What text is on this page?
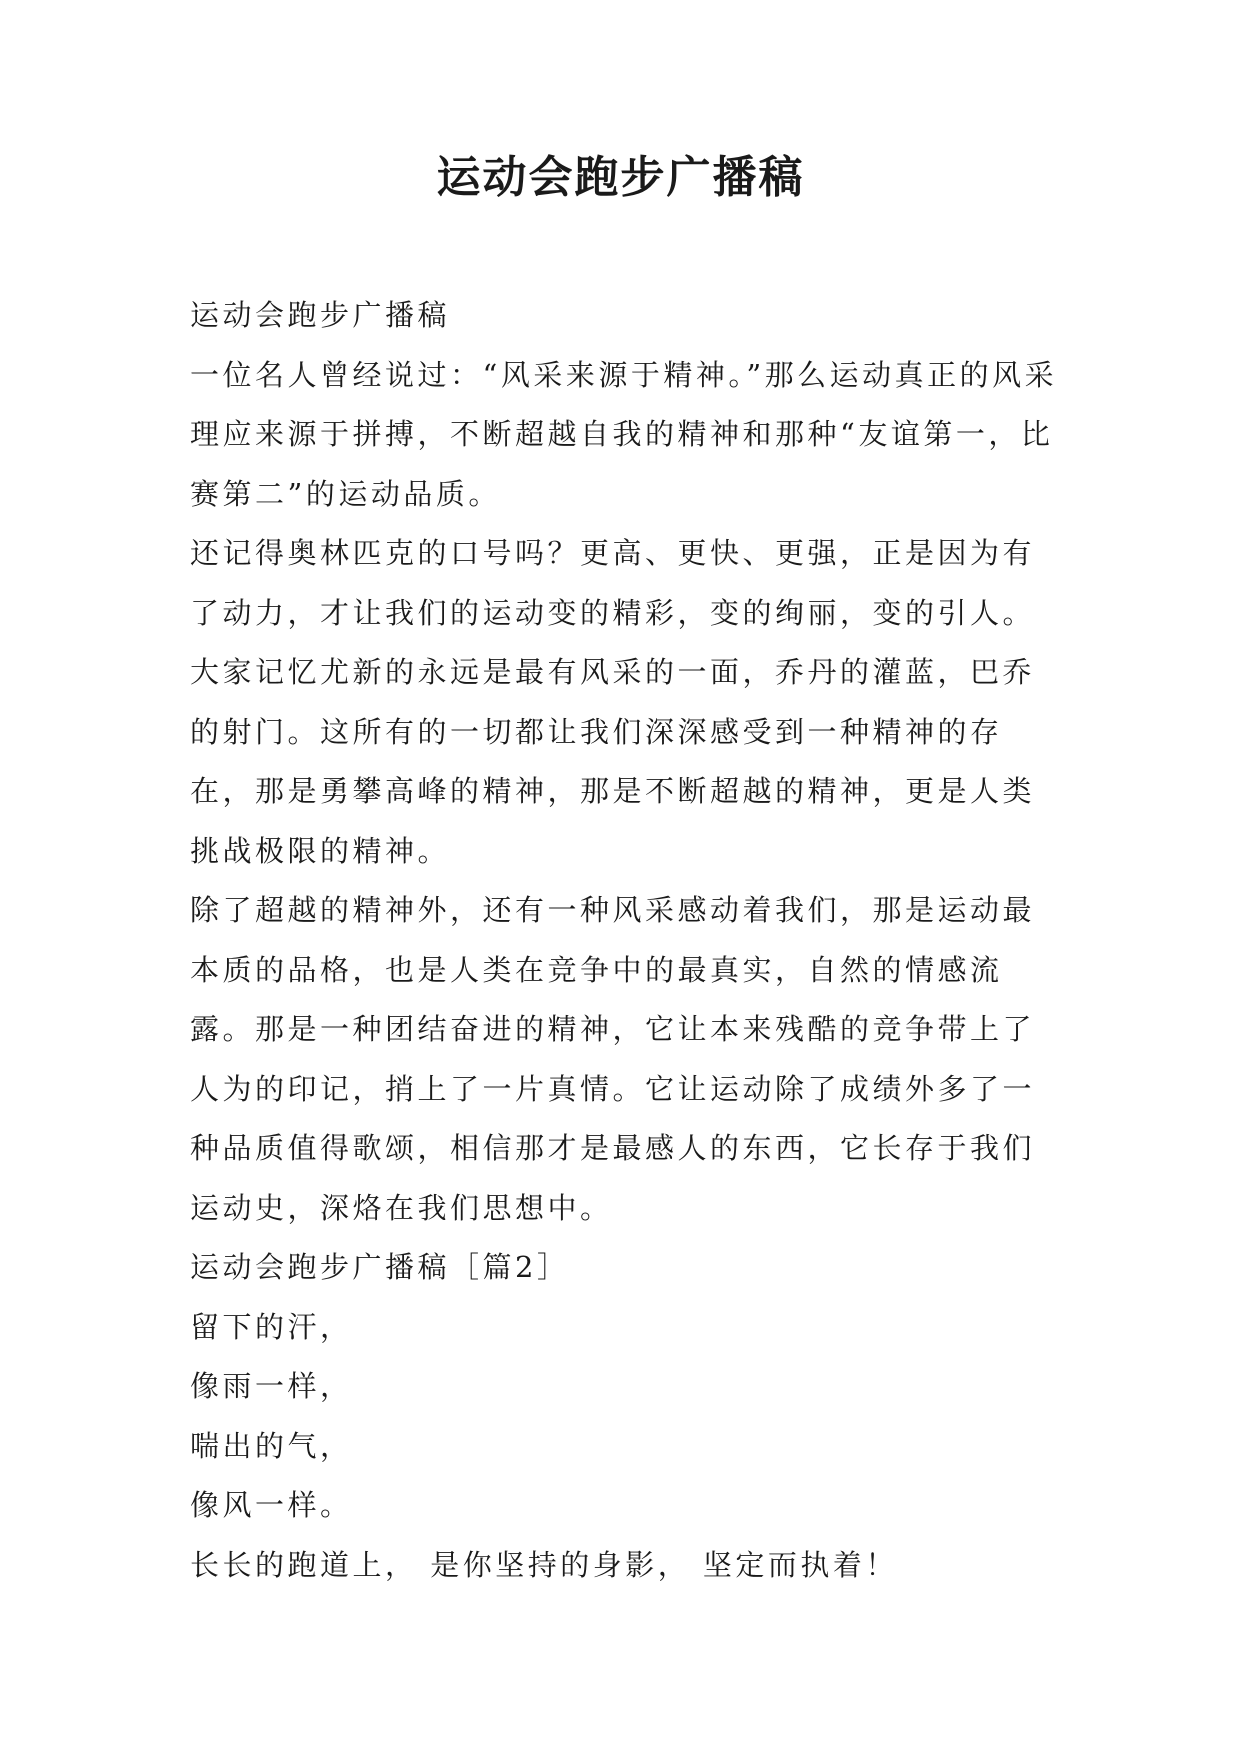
运动会跑步广播稿

运动会跑步广播稿

一位名人曾经说过：“风采来源于精神。”那么运动真正的风采理应来源于拼搏，不断超越自我的精神和那种“友谊第一，比赛第二”的运动品质。

还记得奥林匹克的口号吗？更高、更快、更强，正是因为有了动力，才让我们的运动变的精彩，变的绚丽，变的引人。大家记忆尤新的永远是最有风采的一面，乔丹的灌蓝，巴乔的射门。这所有的一切都让我们深深感受到一种精神的存在，那是勇攀高峰的精神，那是不断超越的精神，更是人类挑战极限的精神。

除了超越的精神外，还有一种风采感动着我们，那是运动最本质的品格，也是人类在竞争中的最真实，自然的情感流露。那是一种团结奋进的精神，它让本来残酷的竞争带上了人为的印记，捎上了一片真情。它让运动除了成绩外多了一种品质值得歌颂，相信那才是最感人的东西，它长存于我们运动史，深烙在我们思想中。

运动会跑步广播稿［篇2］

留下的汗，

像雨一样，

喘出的气，

像风一样。

长长的跑道上， 是你坚持的身影， 坚定而执着！
